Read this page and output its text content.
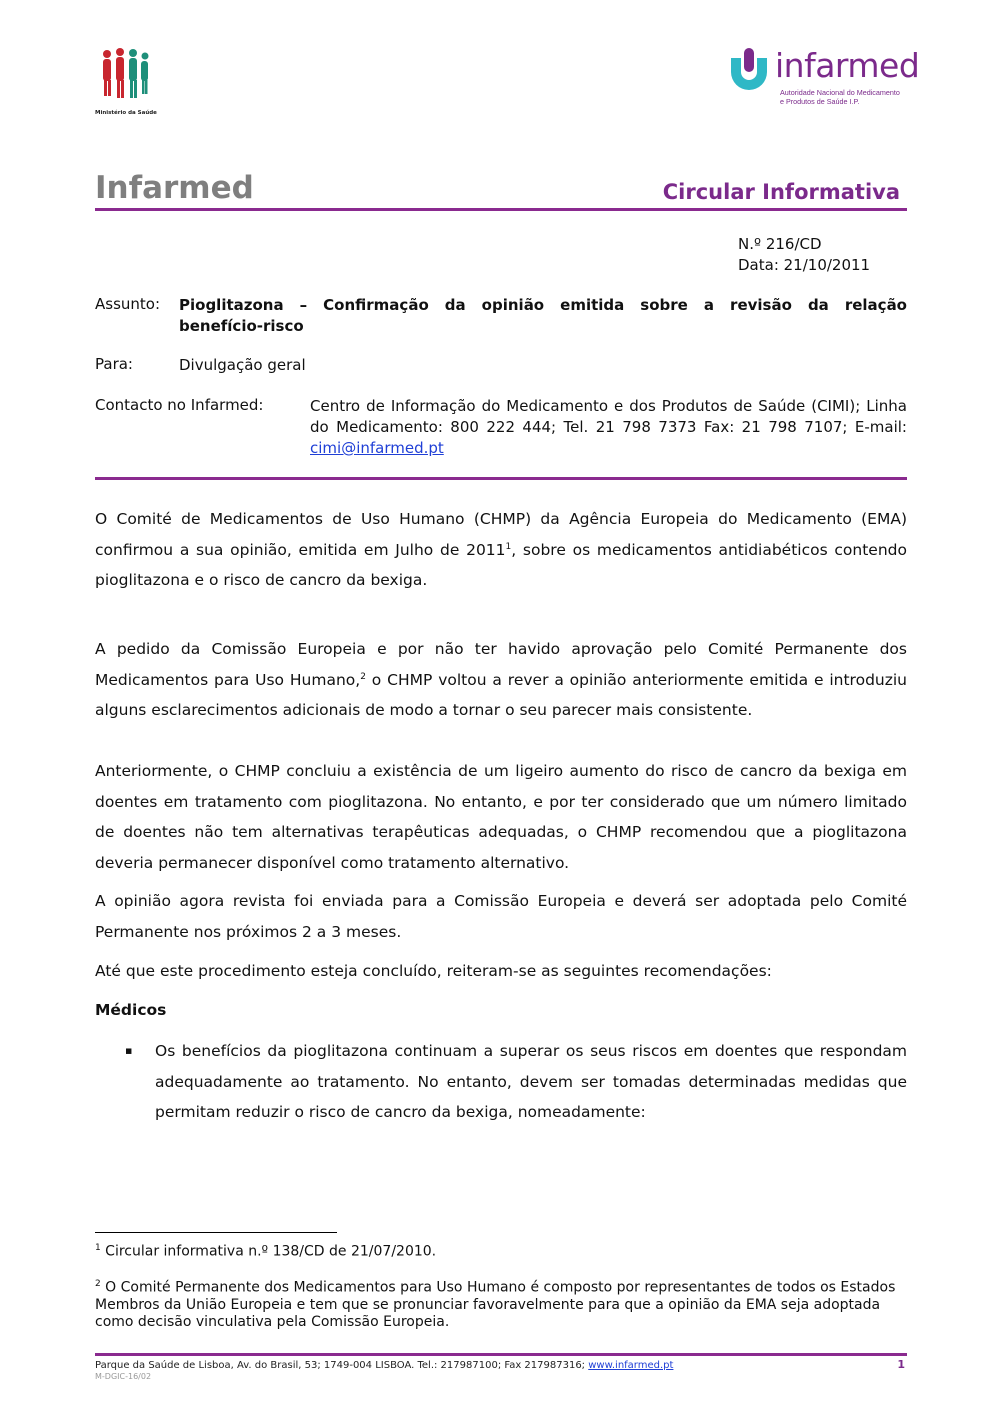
Ministério da Saúde
infarmed
Autoridade Nacional do Medicamento
e Produtos de Saúde I.P.
Infarmed	Circular Informativa
N.º 216/CD
Data: 21/10/2011
Assunto: Pioglitazona – Confirmação da opinião emitida sobre a revisão da relação
benefício-risco
Para:	Divulgação geral
Contacto no Infarmed:	Centro de Informação do Medicamento e dos Produtos de Saúde (CIMI); Linha do Medicamento: 800 222 444; Tel. 21 798 7373 Fax: 21 798 7107; E-mail: cimi@infarmed.pt
O Comité de Medicamentos de Uso Humano (CHMP) da Agência Europeia do Medicamento (EMA) confirmou a sua opinião, emitida em Julho de 2011$^1$, sobre os medicamentos antidiabéticos contendo pioglitazona e o risco de cancro da bexiga.
A pedido da Comissão Europeia e por não ter havido aprovação pelo Comité Permanente dos Medicamentos para Uso Humano,$^2$ o CHMP voltou a rever a opinião anteriormente emitida e introduziu alguns esclarecimentos adicionais de modo a tornar o seu parecer mais consistente.
Anteriormente, o CHMP concluiu a existência de um ligeiro aumento do risco de cancro da bexiga em doentes em tratamento com pioglitazona. No entanto, e por ter considerado que um número limitado de doentes não tem alternativas terapêuticas adequadas, o CHMP recomendou que a pioglitazona deveria permanecer disponível como tratamento alternativo.
A opinião agora revista foi enviada para a Comissão Europeia e deverá ser adoptada pelo Comité Permanente nos próximos 2 a 3 meses.
Até que este procedimento esteja concluído, reiteram-se as seguintes recomendações:
Médicos
▪ Os benefícios da pioglitazona continuam a superar os seus riscos em doentes que respondam adequadamente ao tratamento. No entanto, devem ser tomadas determinadas medidas que permitam reduzir o risco de cancro da bexiga, nomeadamente:
$^1$ Circular informativa n.º 138/CD de 21/07/2010.
$^2$ O Comité Permanente dos Medicamentos para Uso Humano é composto por representantes de todos os Estados Membros da União Europeia e tem que se pronunciar favoravelmente para que a opinião da EMA seja adoptada como decisão vinculativa pela Comissão Europeia.
Parque da Saúde de Lisboa, Av. do Brasil, 53; 1749-004 LISBOA. Tel.: 217987100; Fax 217987316; www.infarmed.pt
M-DGIC-16/02
1
